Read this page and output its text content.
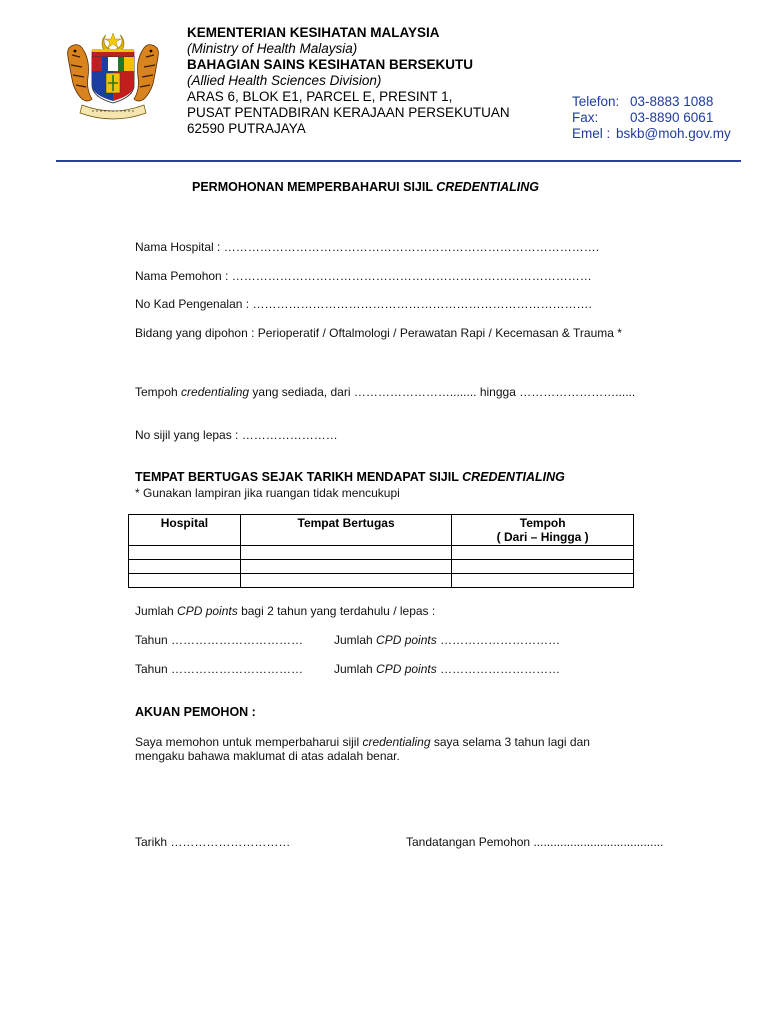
KEMENTERIAN KESIHATAN MALAYSIA
(Ministry of Health Malaysia)
BAHAGIAN SAINS KESIHATAN BERSEKUTU
(Allied Health Sciences Division)
ARAS 6, BLOK E1, PARCEL E, PRESINT 1,
PUSAT PENTADBIRAN KERAJAAN PERSEKUTUAN
62590 PUTRAJAYA
Telefon: 03-8883 1088
Fax: 03-8890 6061
Emel : bskb@moh.gov.my
PERMOHONAN MEMPERBAHARUI SIJIL CREDENTIALING
Nama Hospital : ………………………………………………………………………………….
Nama Pemohon : ………………………………………………………………………………
No Kad Pengenalan : ………………………………………………………………………….
Bidang yang dipohon : Perioperatif / Oftalmologi / Perawatan Rapi / Kecemasan & Trauma *
Tempoh credentialing yang sediada, dari ……………………........ hingga ……………………......
No sijil yang lepas : ……………………
TEMPAT BERTUGAS SEJAK TARIKH MENDAPAT SIJIL CREDENTIALING
* Gunakan lampiran jika ruangan tidak mencukupi
Hospital	Tempat Bertugas	Tempoh
( Dari – Hingga )

Jumlah CPD points bagi 2 tahun yang terdahulu / lepas :
Tahun ……………………………	Jumlah CPD points …………………………
Tahun ……………………………	Jumlah CPD points …………………………
AKUAN PEMOHON :
Saya memohon untuk memperbaharui sijil credentialing saya selama 3 tahun lagi dan
mengaku bahawa maklumat di atas adalah benar.
Tarikh …………………………	Tandatangan Pemohon .......................................
